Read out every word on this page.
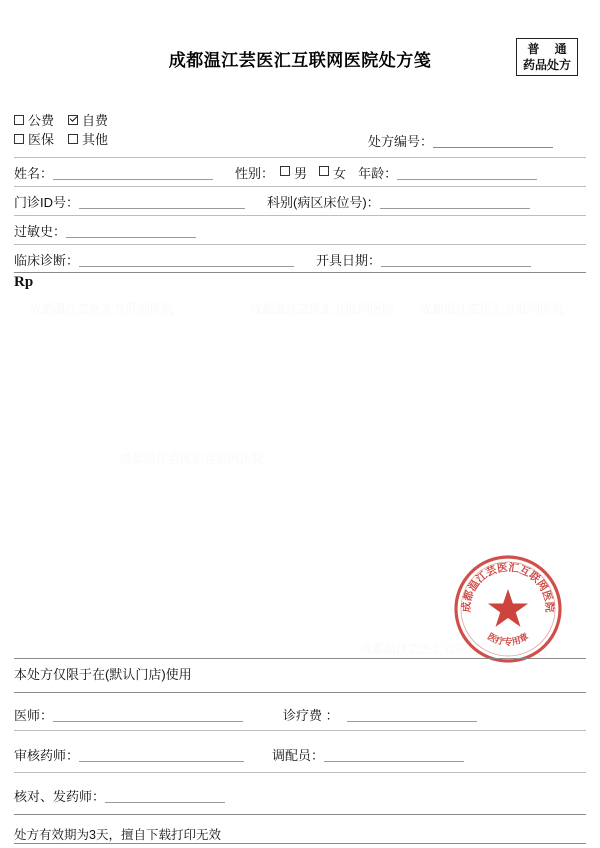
成都温江芸医汇互联网医院处方笺
普 通
药品处方
公费 自费
医保 其他	处方编号：
姓名：	性别： 男 女 年龄：
门诊ID号：	科别(病区床位号)：
过敏史：
临床诊断：	开具日期：
Rp
成都温江芸医汇互联网医院
医疗专用章
本处方仅限于在(默认门店)使用
医师：	诊疗费 ：
审核药师：	调配员：
核对、发药师：
处方有效期为3天，擅自下载打印无效
